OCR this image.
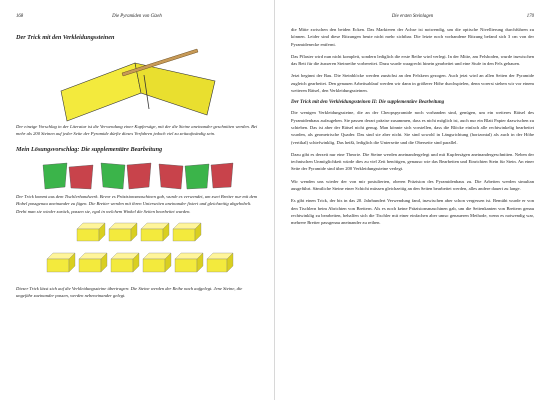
168	Die Pyramiden von Gizeh
Der Trick mit den Verkleidungssteinen

Der einzige Vorschlag in der Literatur ist die Verwendung einer Kupfersäge, mit der die Steine aneinander geschnitten werden. Bei mehr als 200 Steinen auf jeder Seite der Pyramide dürfte dieses Verfahren jedoch viel zu zeitaufwändig sein.

Mein Lösungsvorschlag: Die supplementäre Bearbeitung

Der Trick kommt aus dem Tischlerhandwerk. Bevor es Präzisionsmaschinen gab, wurde es verwendet, um zwei Bretter nur mit dem Hobel passgenau aneinander zu fügen. Die Bretter werden mit ihren Unterseiten aneinander fixiert und gleichzeitig abgehobelt. Dreht man sie wieder zurück, passen sie, egal in welchem Winkel die Seiten bearbeitet wurden.

Dieser Trick lässt sich auf die Verkleidungssteine übertragen: Die Steine werden der Reihe nach aufgelegt. Jene Steine, die ungefähr zueinander passen, werden nebeneinander gelegt.

Die ersten Steinlagen	170

die Mitte zwischen den beiden Ecken. Das Markieren der Achse ist notwendig, um die optische Nivellierung durchführen zu können. Leider sind diese Ritzungen heute nicht mehr sichtbar. Die letzte noch vorhandene Ritzung befand sich 3 cm von der Pyramidenecke entfernt.

Das Pflaster wird nun nicht komplett, sondern lediglich die erste Reihe wird verlegt. In der Mitte, am Felsboden, wurde inzwischen das Bett für die äusseren Steinreihe vorbereitet. Dazu wurde waagrecht hinein gearbeitet und eine Stufe in den Fels gehauen.

Jetzt beginnt der Bau. Die Steinblöcke werden zunächst an den Felskern gezogen. Auch jetzt wird an allen Seiten der Pyramide zugleich gearbeitet. Den genauen Arbeitsablauf werden wir dann in größerer Höhe durchspielen, denn vorerst stehen wir vor einem weiteren Rätsel, den Verkleidungssteinen.

Der Trick mit den Verkleidungssteinen II: Die supplementäre Bearbeitung

Die wenigen Verkleidungssteine, die an der Cheopspyramide noch vorhanden sind, genügen, um ein weiteres Rätsel des Pyramidenbaus aufzugeben. Sie passen derart präzise zusammen, dass es nicht möglich ist, auch nur ein Blatt Papier dazwischen zu schieben. Das ist aber der Rätsel nicht genug. Man könnte sich vorstellen, dass die Blöcke einfach alle rechtwinkelig bearbeitet wurden, als geometrische Quader. Das sind sie aber nicht. Sie sind sowohl in Längsrichtung (horizontal) als auch in der Höhe (vertikal) schiefwinklig. Das heißt, lediglich die Unterseite und die Oberseite sind parallel.

Dazu gibt es derzeit nur eine Theorie. Die Steine werden aneinandergelegt und mit Kupfersägen aneinandergeschnitten. Neben der technischen Unmöglichkeit würde dies zu viel Zeit benötigen, genauso wie das Bearbeiten und Einrichten Stein für Stein. An einer Seite der Pyramide sind über 200 Verkleidungssteine verlegt.

Wir wenden uns wieder der von mir postulierten, oberen Präzision des Pyramidenbaus zu. Die Arbeiten werden simultan ausgeführt. Sämtliche Steine einer Schicht müssen gleichzeitig an den Seiten bearbeitet werden, alles andere dauert zu lange.

Es gibt einen Trick, der bis in das 20. Jahrhundert Verwendung fand, inzwischen aber schon vergessen ist. Bemüht wurde er von den Tischlern beim Abrichten von Brettern. Als es noch keine Präzisionsmaschinen gab, um die Seitenkanten von Brettern genau rechtwinklig zu bearbeiten, behalfen sich die Tischler mit einer einfachen aber umso genaueren Methode, wenn es notwendig war, mehrere Bretter passgenau aneinander zu reihen.
